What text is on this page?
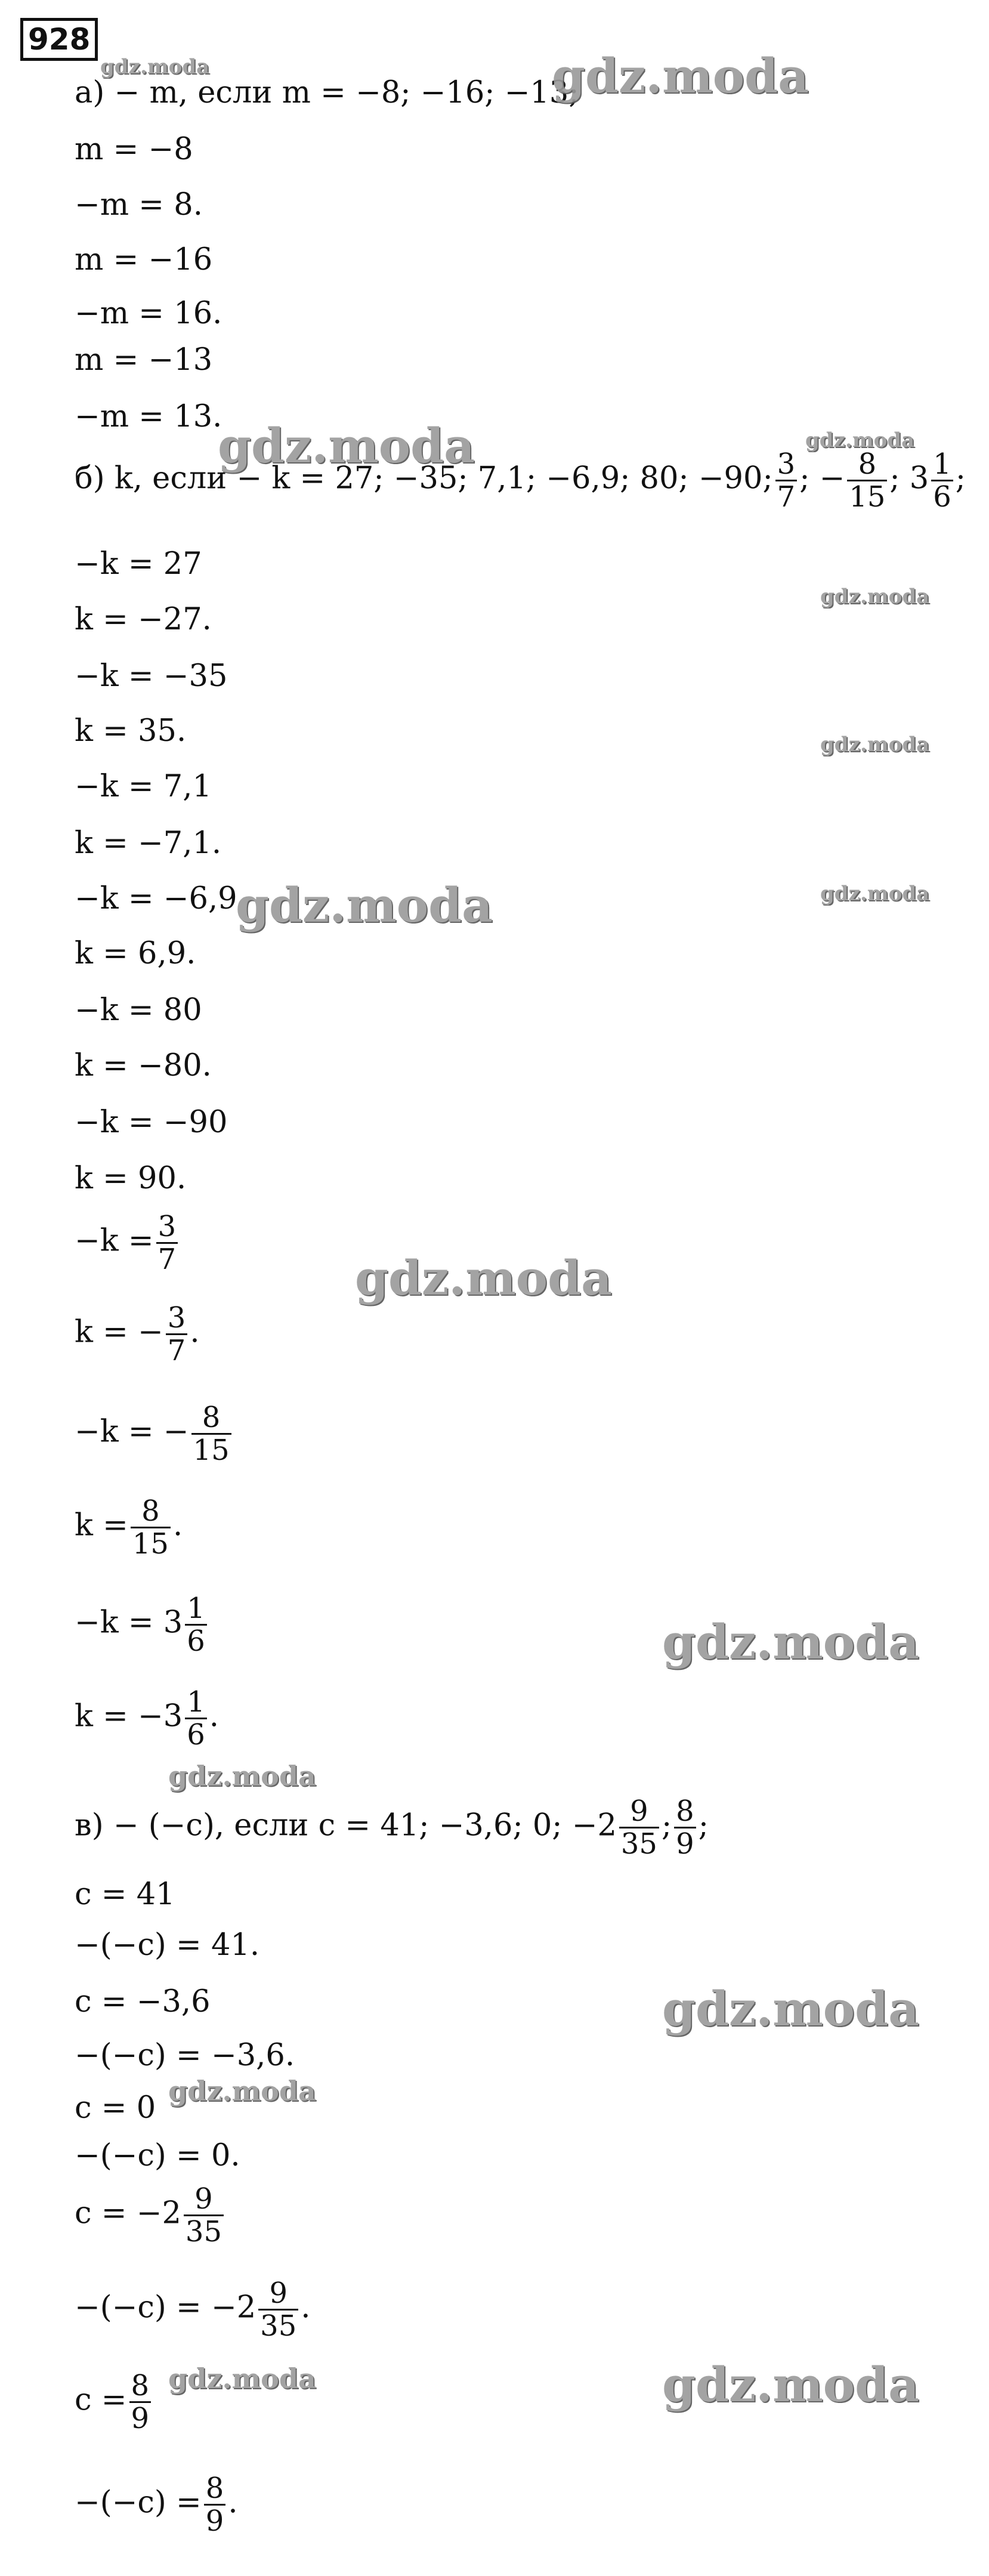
928
а) − m, если m = −8; −16; −13;
m = −8
−m = 8.
m = −16
−m = 16.
m = −13
−m = 13.
б) k, если − k = 27; −35; 7,1; −6,9; 80; −90; $\frac{3}{7}$ ; − $\frac{8}{15}$ ; $3 \frac{1}{6}$ ;
−k = 27
k = −27.
−k = −35
k = 35.
−k = 7,1
k = −7,1.
−k = −6,9
k = 6,9.
−k = 80
k = −80.
−k = −90
k = 90.
$-k = \frac{3}{7}$
k = − $\frac{3}{7}$ .
−k = − $\frac{8}{15}$
$k = \frac{8}{15}$ .
$-k = 3 \frac{1}{6}$
$k = -3 \frac{1}{6}$ .
в) − (−c), если c = 41; −3,6; 0; $-2 \frac{9}{35}$ ; $\frac{8}{9}$ ;
c = 41
−(−c) = 41.
c = −3,6
−(−c) = −3,6.
c = 0
−(−c) = 0.
$c = -2 \frac{9}{35}$
$-(-c) = -2 \frac{9}{35}$ .
$c = \frac{8}{9}$
$-(-c) = \frac{8}{9}$ .
gdz.moda	gdz.moda
gdz.moda	gdz.moda
gdz.moda
gdz.moda
gdz.moda	gdz.moda
gdz.moda
gdz.moda
gdz.moda
gdz.moda
gdz.moda
gdz.moda	gdz.moda
